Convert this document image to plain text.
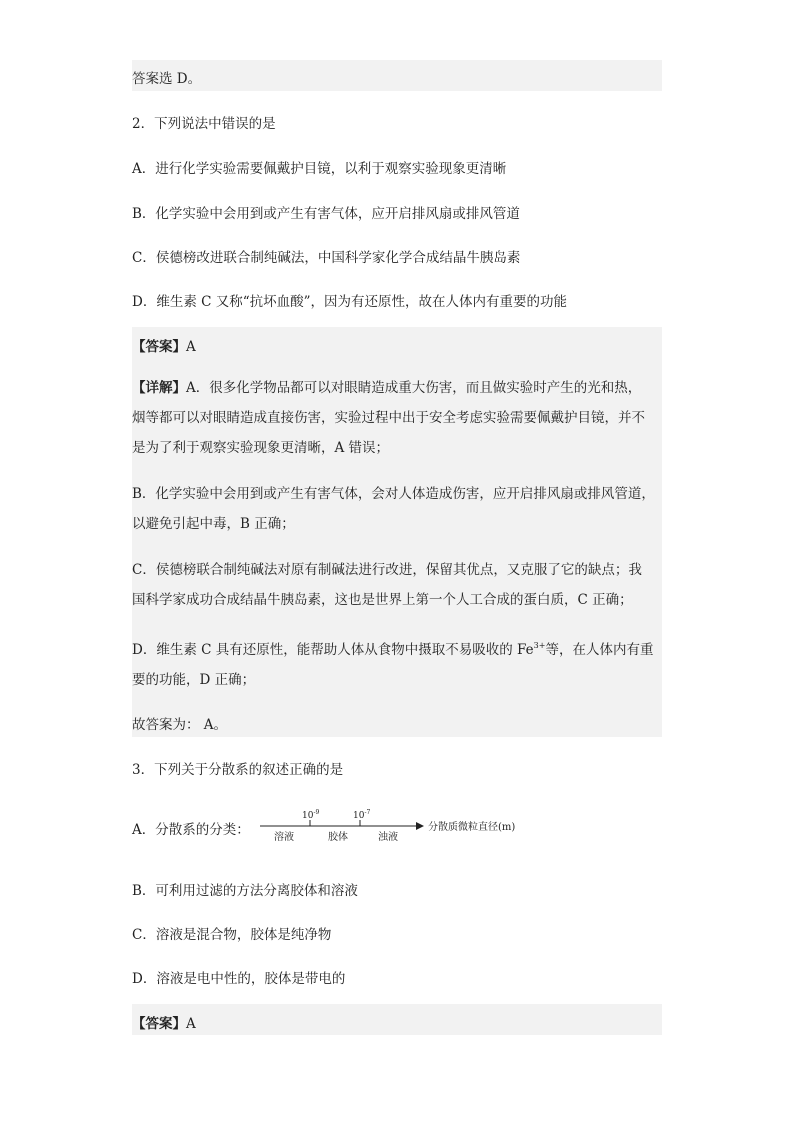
答案选 D。
2．下列说法中错误的是
A．进行化学实验需要佩戴护目镜，以利于观察实验现象更清晰
B．化学实验中会用到或产生有害气体，应开启排风扇或排风管道
C．侯德榜改进联合制纯碱法，中国科学家化学合成结晶牛胰岛素
D．维生素 C 又称“抗坏血酸”，因为有还原性，故在人体内有重要的功能
【答案】A
【详解】A．很多化学物品都可以对眼睛造成重大伤害，而且做实验时产生的光和热，
烟等都可以对眼睛造成直接伤害，实验过程中出于安全考虑实验需要佩戴护目镜，并不
是为了利于观察实验现象更清晰，A 错误；
B．化学实验中会用到或产生有害气体，会对人体造成伤害，应开启排风扇或排风管道，
以避免引起中毒，B 正确；
C．侯德榜联合制纯碱法对原有制碱法进行改进，保留其优点，又克服了它的缺点；我
国科学家成功合成结晶牛胰岛素，这也是世界上第一个人工合成的蛋白质，C 正确；
D．维生素 C 具有还原性，能帮助人体从食物中摄取不易吸收的 $Fe^{3+}$等，在人体内有重
要的功能，D 正确；
故答案为： A。
3．下列关于分散系的叙述正确的是
A．分散系的分类：
$10^{-9}$	$10^{-7}$
溶液	胶体	浊液
分散质微粒直径(m)
B．可利用过滤的方法分离胶体和溶液
C．溶液是混合物，胶体是纯净物
D．溶液是电中性的，胶体是带电的
【答案】A
